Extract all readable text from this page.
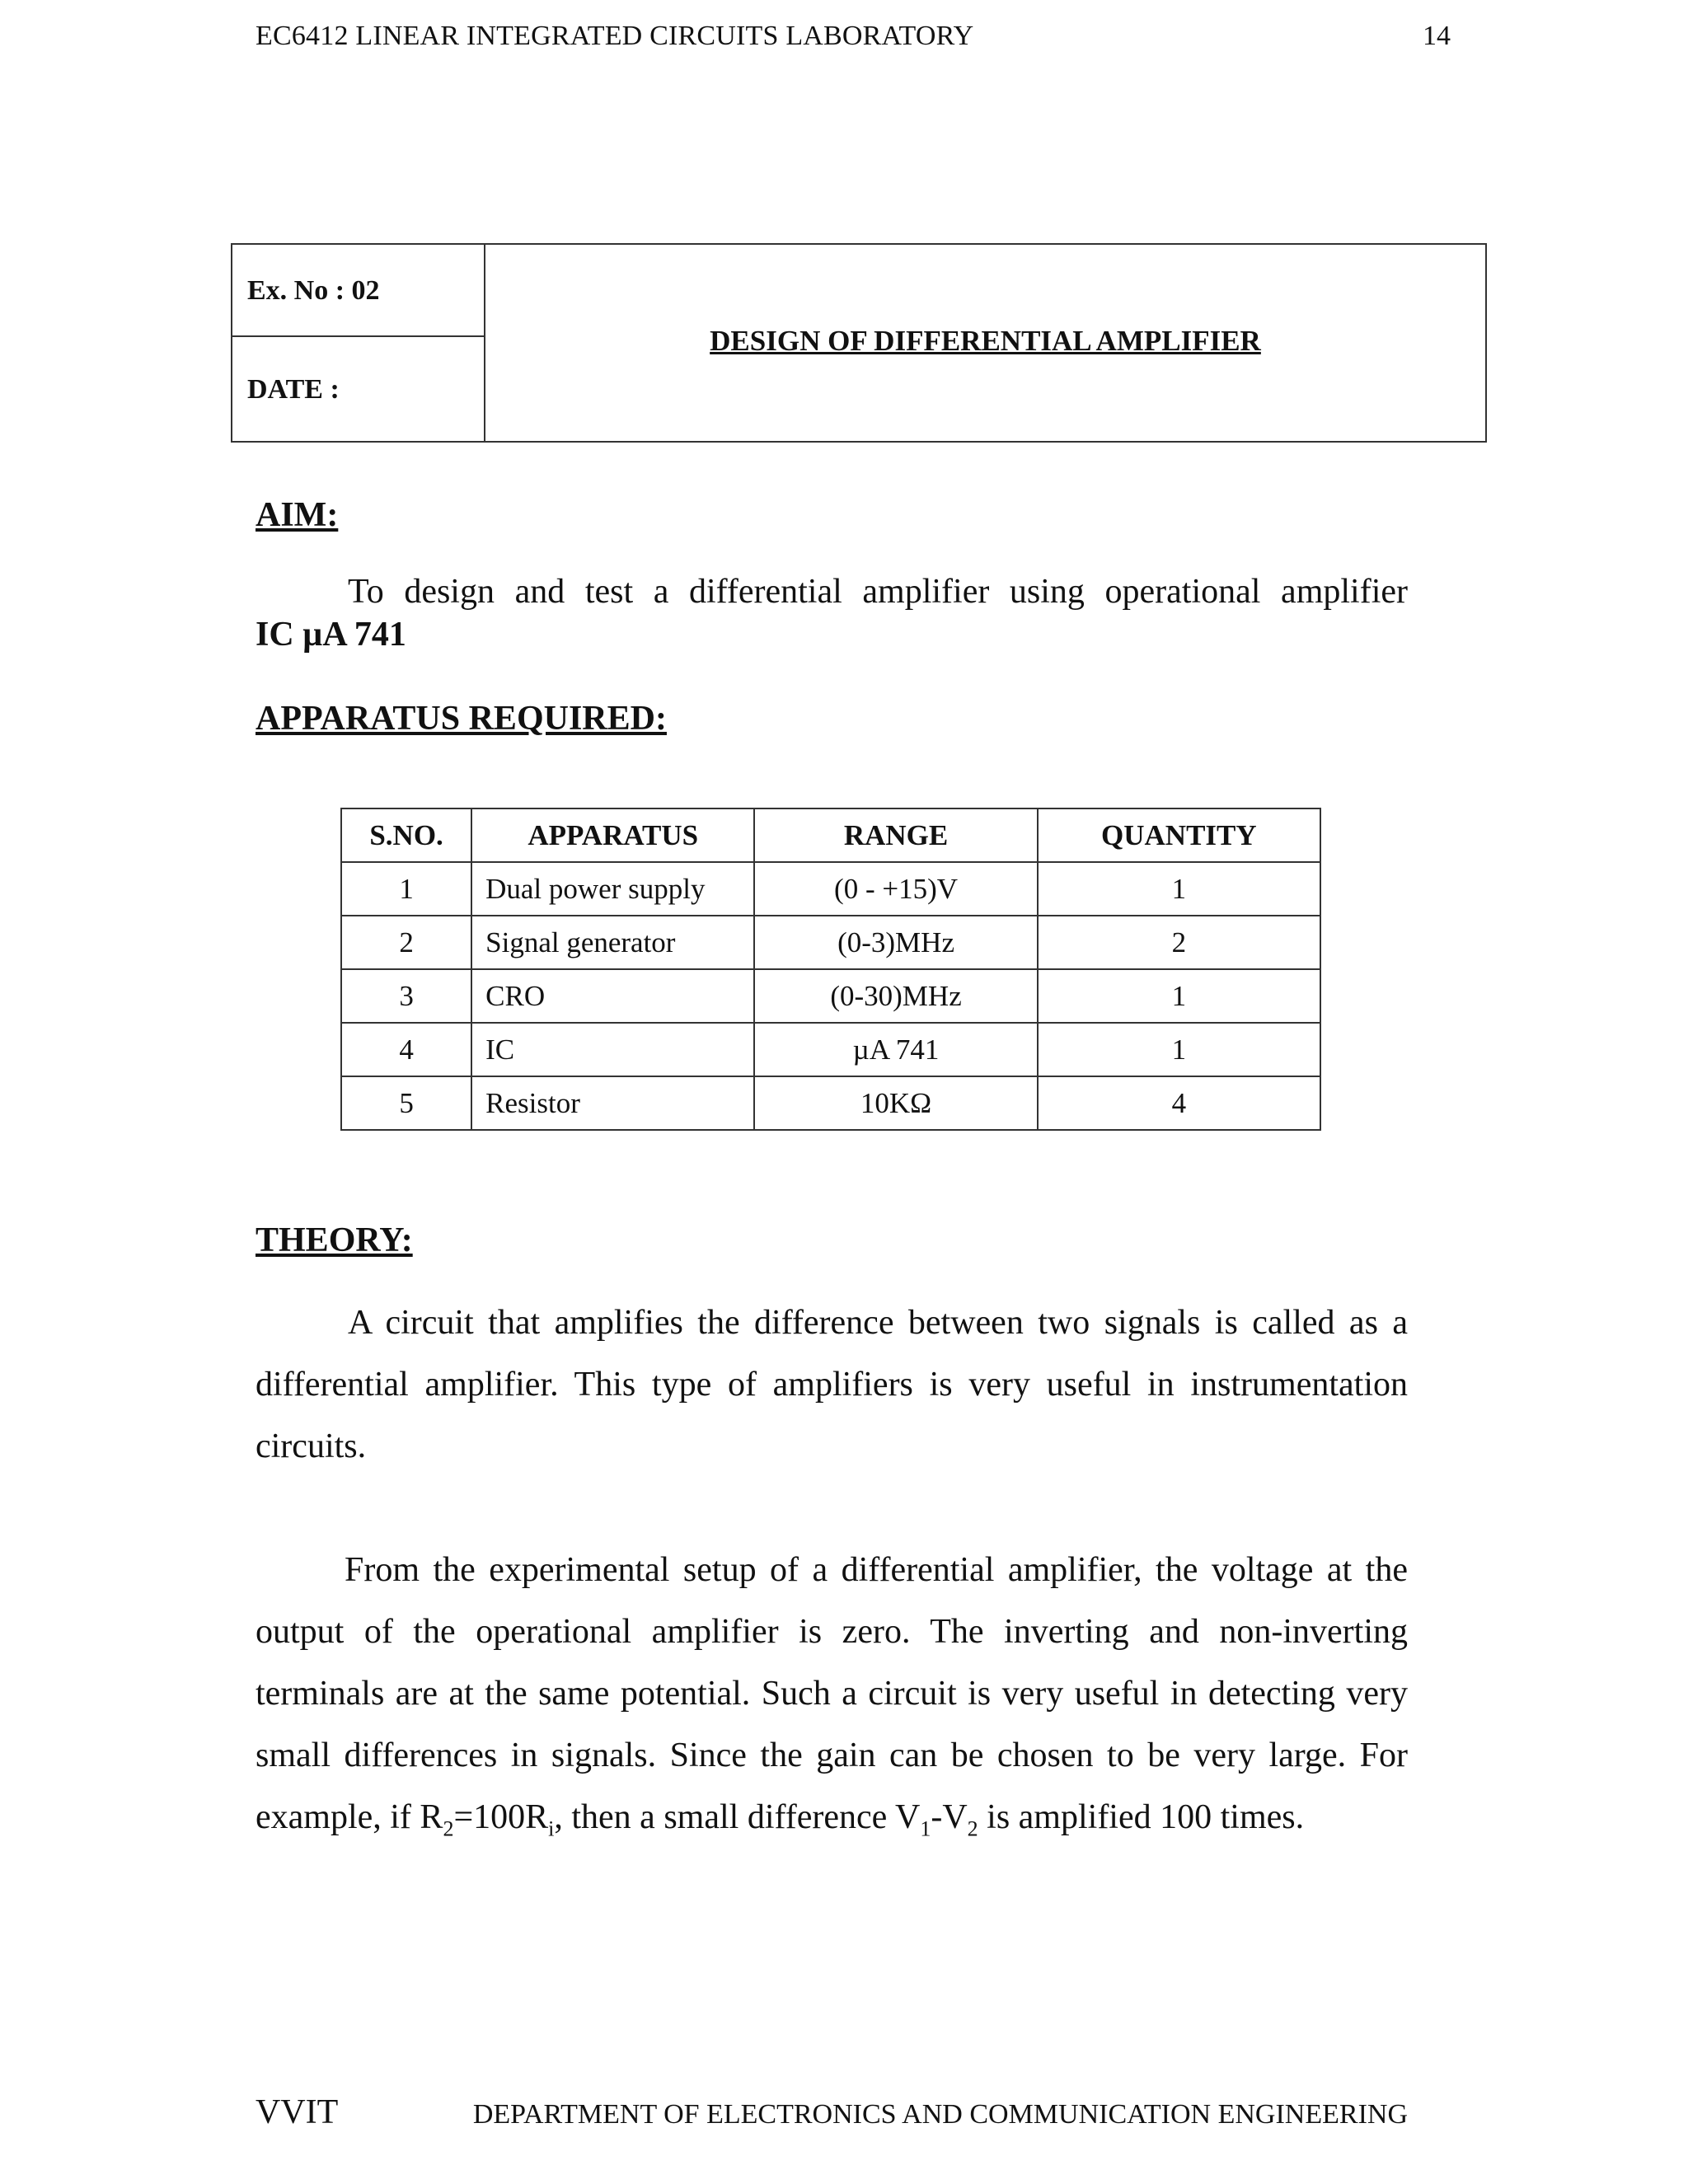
EC6412 LINEAR INTEGRATED CIRCUITS LABORATORY	14
Ex. No : 02
DATE :
DESIGN OF DIFFERENTIAL AMPLIFIER
AIM:
To design and test a differential amplifier using operational amplifier
IC µA 741
APPARATUS REQUIRED:
S.NO.	APPARATUS	RANGE	QUANTITY
1	Dual power supply	(0 - +15)V	1
2	Signal generator	(0-3)MHz	2
3	CRO	(0-30)MHz	1
4	IC	µA 741	1
5	Resistor	10KΩ	4
THEORY:
A circuit that amplifies the difference between two signals is called as a differential amplifier. This type of amplifiers is very useful in instrumentation circuits.
From the experimental setup of a differential amplifier, the voltage at the output of the operational amplifier is zero. The inverting and non-inverting terminals are at the same potential. Such a circuit is very useful in detecting very small differences in signals. Since the gain can be chosen to be very large. For example, if $R_2=100R_i$, then a small difference $V_1-V_2$ is amplified 100 times.
VVIT	DEPARTMENT OF ELECTRONICS AND COMMUNICATION ENGINEERING
